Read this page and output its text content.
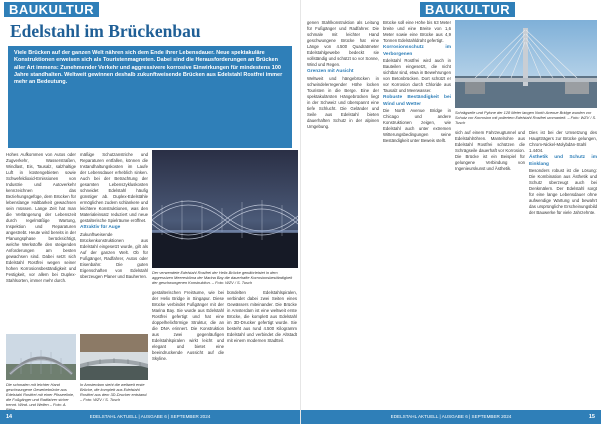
BAUKULTUR
Edelstahl im Brückenbau
Viele Brücken auf der ganzen Welt nähren sich dem Ende ihrer Lebensdauer. Neue spektakuläre Konstruktionen erweisen sich als Touristenmagneten. Dabei sind die Herausforderungen an Brücken aller Art immens: Zunehmender Verkehr und aggressivere korrosive Einwirkungen für mindestens 100 Jahre standhalten. Weltweit gewinnen deshalb zukunftweisende Brücken aus Edelstahl Rostfrei immer mehr an Bedeutung.

Hohes Aufkommen von Autos oder Zugverkehr, Wasserstraßen, Windlast, Eis, Tausalz, salzhaltige Luft in küstengebieten sowie Schwefeldioxid-Emissionen von Industrie und Autoverkehr kennzeichnen das Beziehungsgefüge, dem Brücken für lebenslange Haltbarkeit gewachsen sein müssen. Lange Zeit hat man die Verlängerung der Lebenszeit durch regelmäßige Wartung, Inspektion und Reparaturen angestrebt. Heute wird bereits in der Planungsphase berücksichtigt, welche Werkstoffe den steigenden Anforderungen am besten gewachsen sind. Dabei setzt sich Edelstahl Rostfrei wegen seiner hohen Korrosionsbeständigkeit und Festigkeit, vor allem bei Duplex-Stahlsorten, immer mehr durch.

mäßige Schutzanstriche und Reparaturen entfallen, können die Instandhaltungskosten im Laufe der Lebensdauer erheblich sinken. Auch bei der Betrachtung der gesamten Lebenszykluskosten schneidet Edelstahl häufig günstiger ab. Duplex-Edelstähle ermöglichen zudem schlankere und leichtere Konstruktionen, was den Materialeinsatz reduziert und neue gestalterische Spielräume eröffnet.

Attraktiv für Auge

Zukunftweisende Brückenkonstruktionen aus Edelstahl eingesetzt wurde, gilt als Auf der ganzen Welt. Ob für Fußgänger, Radfahrer, Autos oder Eisenbahn: Die guten Eigenschaften von Edelstahl überzeugen Planer und Bauherren.

Der verwendete Edelstahl Rostfrei der Helix-Brücke gewährleistet in dem aggressiven Meeresklima der Marina Bay die dauerhafte Korrosionsbeständigkeit der geschwungenen Konstruktion. – Foto: WZV / S. Tusch

gestalterischen Freiräume, wie bei der Helix Bridge in Singapur. Diese Brücke verbindet Fußgänger mit der Marina Bay. Sie wurde aus Edelstahl Rostfrei gefertigt und hat eine doppelhelixförmige Struktur, die an die DNA erinnert. Die Konstruktion aus zwei gegenläufigen Edelstahlspiralen wirkt leicht und elegant und bietet eine beeindruckende Aussicht auf die Skyline.

bündelten Edelstahlspiralen, verbindet dabei zwei Seiten eines Gewässers miteinander. Die Brücke in Amsterdam ist eine weltweit erste Brücke, die komplett aus Edelstahl im 3D-Drucker gefertigt wurde. Sie besteht aus rund 4.500 Kilogramm Edelstahl und verbindet die Altstadt mit einem modernen Stadtteil.

Die schmalen mit leichter Hand geschwungene Gewebebrücke aus Edelstahl Rostfrei mit einer Plisseelinie, die Fußgänger und Radfahrer sicher trennt. Wind- und Wellen – Foto: A.
In Amsterdam steht die weltweit erste Brücke, die komplett aus Edelstahl Rostfrei aus dem 3D-Drucker entstand. – Foto: WZV / S. Tusch
14	EDELSTAHL AKTUELL | AUSGABE 6 | SEPTEMBER 2024
BAUKULTUR

genen Stahlkonstruktion als Leitung für Fußgänger und Radfahrer. Die schmale mit leichter Hand geschwungene Brücke hat eine Länge von 4.500 Quadratmeter Edelstahlgewebe bedeckt sie vollständig und schützt so vor Sonne, Wind und Regen.

Grenzen mit Ausicht

Weltweit und hängebrücken in schwindelerregender Höhe locken Touristen in die Berge. Eine der spektakulärsten Hängebrücken liegt in der Schweiz und überspannt eine tiefe Schlucht. Die Geländer und Seile aus Edelstahl bieten dauerhaften Schutz in der alpinen Umgebung.

Brücke soll eine Höhe bis 63 Meter breite und eine Breite von 1,6 Meter sowie eine Brücke aus 4,9 Tonnen Edelstahldraht gefertigt.

Korrosionsschutz im Verborgenen

Edelstahl Rostfrei wird auch in Bauteilen eingesetzt, die nicht sichtbar sind, etwa in Bewehrungen von Betonbrücken. Dort schützt er vor Korrosion durch Chloride aus Tausalz und Meerwasser.

Robuste Beständigkeit bei Wind und Wetter

Die North Avenue Bridge in Chicago und andere Konstruktionen zeigen, wie Edelstahl auch unter extremen Witterungsbedingungen seine Beständigkeit unter Beweis stellt.

Schrägseile und Pylone der 128 Meter langen North Avenue Bridge wurden vor Schutz vor Korrosion mit poliertem Edelstahl Rostfrei ummantelt. – Foto: WZV / S. Tusch

sich auf einem Fahrzeugtunnel und Edelstahlröhren. Mantelrohre aus Edelstahl Rostfrei schützen die Schrägseile dauerhaft vor Korrosion. Die Brücke ist ein Beispiel für gelungene Verbindung von Ingenieurskunst und Ästhetik.

Dies ist bei der Umsetzung des Hauptträgers zur Brücke gelungen, Chrom-Nickel-Molybdän-Stahl 1.4404.

Ästhetik und Schutz im Einklang

Besonders robust ist die Lösung: Die Kombination aus Ästhetik und Schutz überzeugt auch bei Denkmälern. Der Edelstahl sorgt für eine lange Lebensdauer ohne aufwendige Wartung und bewahrt das ursprüngliche Erscheinungsbild der Bauwerke für viele Jahrzehnte.

EDELSTAHL AKTUELL | AUSGABE 6 | SEPTEMBER 2024	15
